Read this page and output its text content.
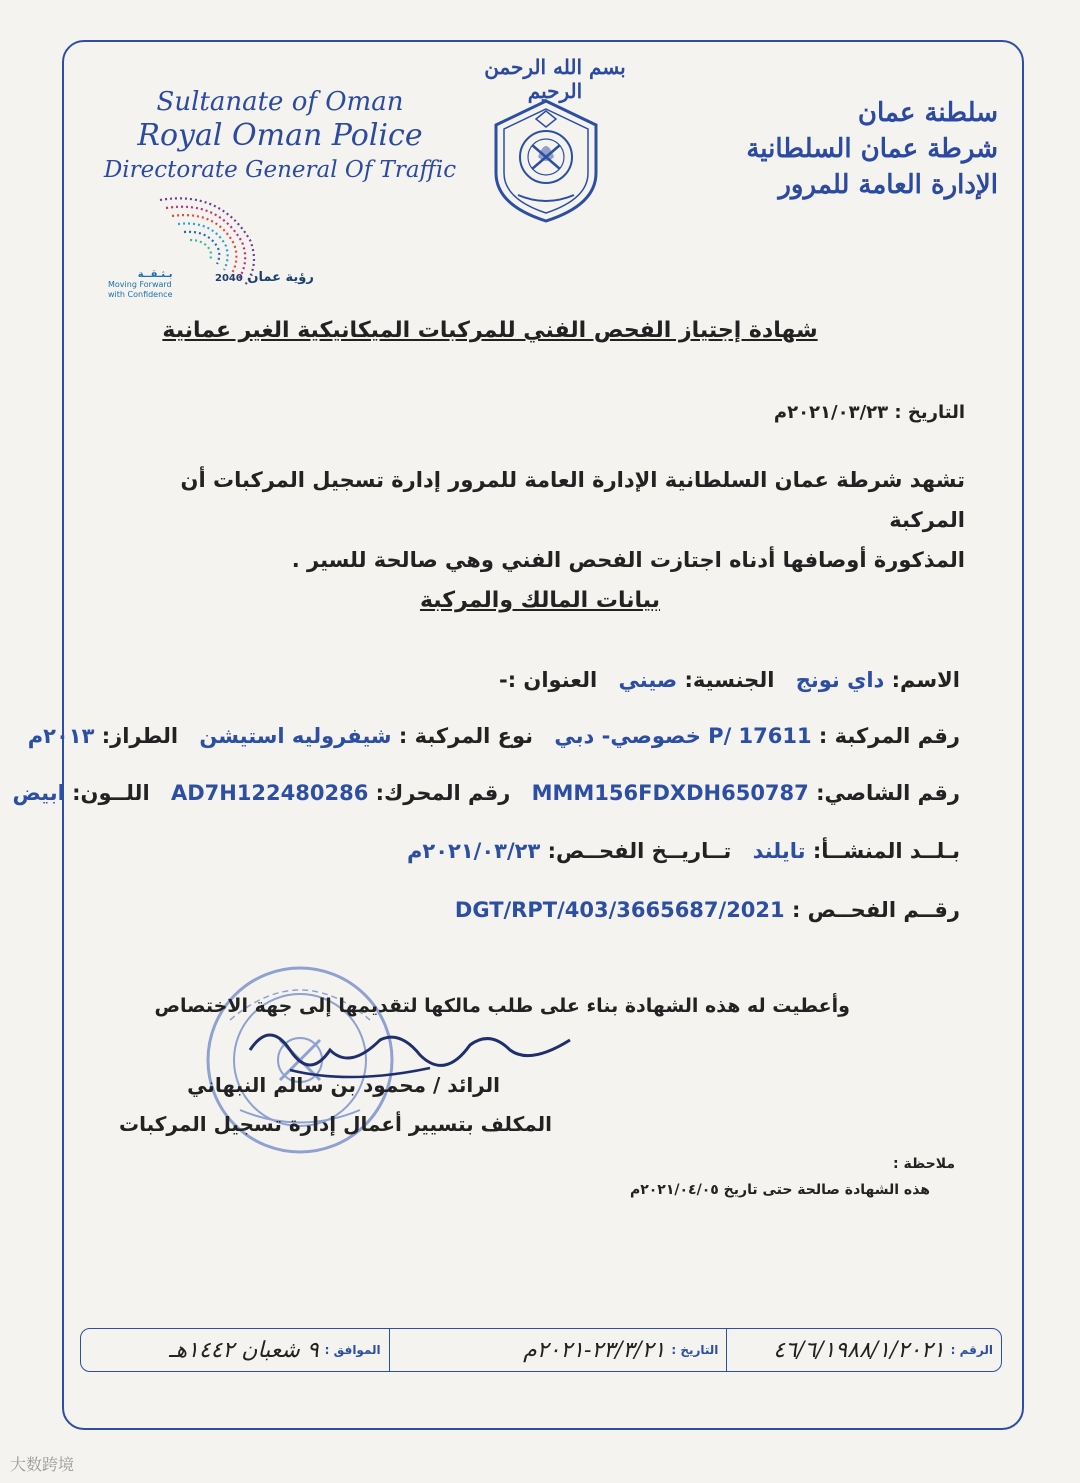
Sultanate of Oman
Royal Oman Police
Directorate General Of Traffic
سلطنة عمان
شرطة عمان السلطانية
الإدارة العامة للمرور
بسم الله الرحمن الرحيم
رؤية عمان 2040
بـثـقــة
Moving Forward
with Confidence
شهادة إجتياز الفحص الفني للمركبات الميكانيكية الغير عمانية
التاريخ : ٢٠٢١/٠٣/٢٣م
تشهد شرطة عمان السلطانية الإدارة العامة للمرور إدارة تسجيل المركبات أن المركبة
المذكورة أوصافها أدناه اجتازت الفحص الفني وهي صالحة للسير .
بيانات المالك والمركبة
الاسم: داي نونج الجنسية: صيني العنوان :-
رقم المركبة : P/ 17611 خصوصي- دبي نوع المركبة : شيفروليه استيشن الطراز: ٢٠١٣م
رقم الشاصي: MMM156FDXDH650787 رقم المحرك: AD7H122480286 اللــون: ابيض
بـلــد المنشــأ: تايلند تــاريــخ الفحــص: ٢٠٢١/٠٣/٢٣م
رقــم الفحــص : DGT/RPT/403/3665687/2021
وأعطيت له هذه الشهادة بناء على طلب مالكها لتقديمها إلى جهة الاختصاص
الرائد / محمود بن سالم النبهاني
المكلف بتسيير أعمال إدارة تسجيل المركبات
ملاحظة :
هذه الشهادة صالحة حتى تاريخ ٢٠٢١/٠٤/٠٥م
الرقم :
٤٦/٦/١٩٨٨/١/٢٠٢١
التاريخ :
٢٣/٣/٢١-٢٠٢١م
الموافق :
٩ شعبان ١٤٤٢هـ
大数跨境
